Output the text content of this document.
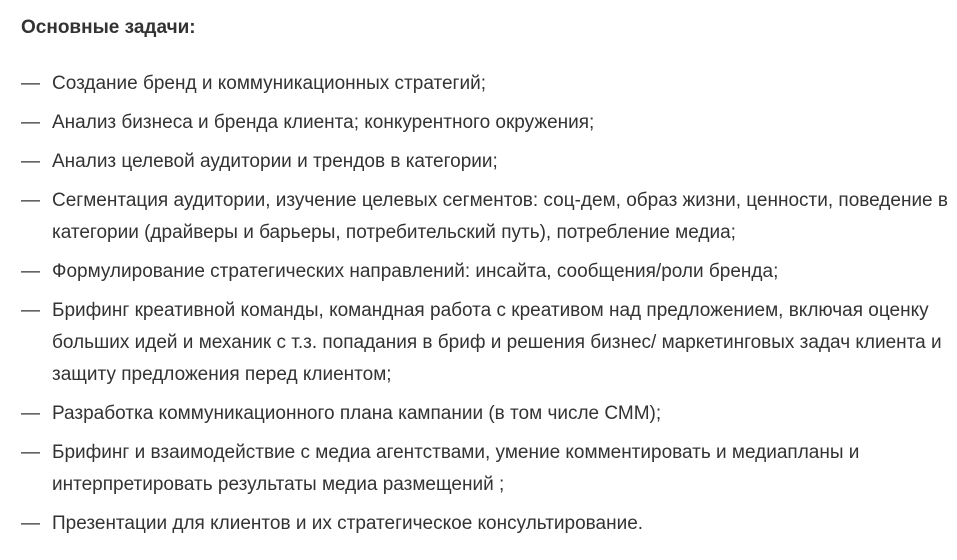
Основные задачи:
— Создание бренд и коммуникационных стратегий;
— Анализ бизнеса и бренда клиента; конкурентного окружения;
— Анализ целевой аудитории и трендов в категории;
— Сегментация аудитории, изучение целевых сегментов: соц-дем, образ жизни, ценности, поведение в категории (драйверы и барьеры, потребительский путь), потребление медиа;
— Формулирование стратегических направлений: инсайта, сообщения/роли бренда;
— Брифинг креативной команды, командная работа с креативом над предложением, включая оценку больших идей и механик с т.з. попадания в бриф и решения бизнес/ маркетинговых задач клиента и защиту предложения перед клиентом;
— Разработка коммуникационного плана кампании (в том числе СММ);
— Брифинг и взаимодействие с медиа агентствами, умение комментировать и медиапланы и интерпретировать результаты медиа размещений ;
— Презентации для клиентов и их стратегическое консультирование.
